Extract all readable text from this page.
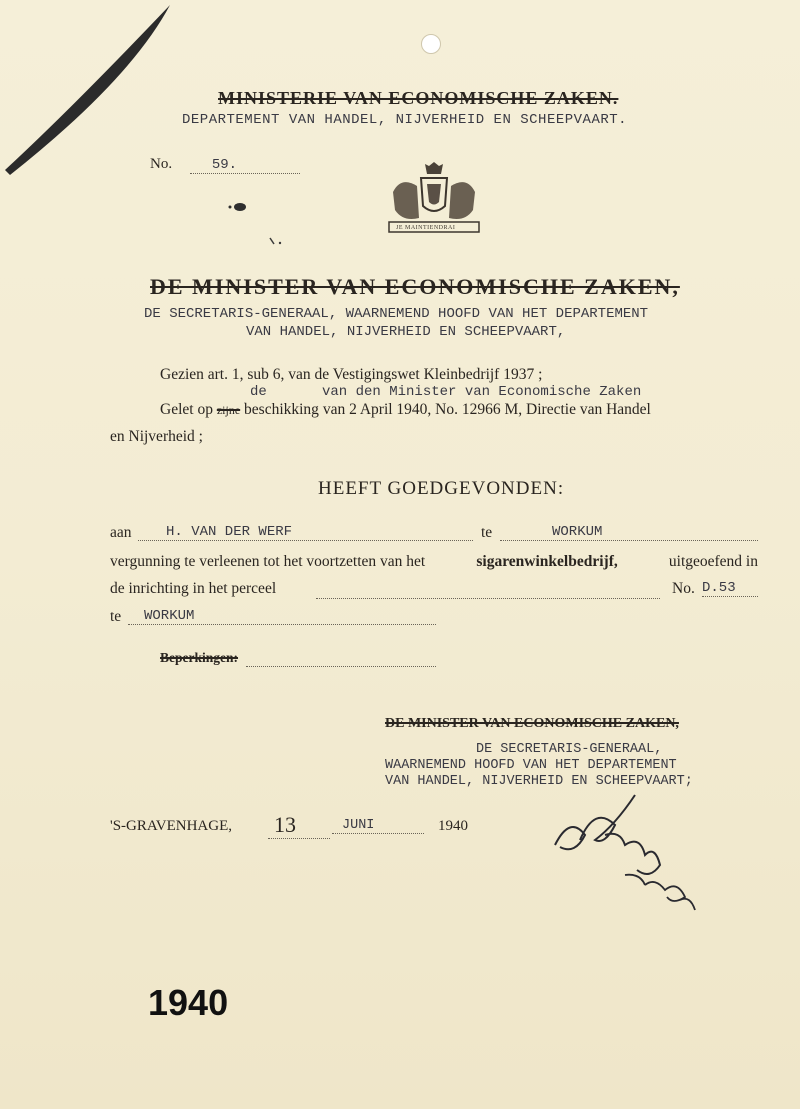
MINISTERIE VAN ECONOMISCHE ZAKEN.
DEPARTEMENT VAN HANDEL, NIJVERHEID EN SCHEEPVAART.
No.	59.
JE MAINTIENDRAI
DE MINISTER VAN ECONOMISCHE ZAKEN,
DE SECRETARIS-GENERAAL, WAARNEMEND HOOFD VAN HET DEPARTEMENT
VAN HANDEL, NIJVERHEID EN SCHEEPVAART,
Gezien art. 1, sub 6, van de Vestigingswet Kleinbedrijf 1937 ;
de	van den Minister van Economische Zaken
Gelet op zijne beschikking van 2 April 1940, No. 12966 M, Directie van Handel
en Nijverheid ;
HEEFT GOEDGEVONDEN:
aan	H. VAN DER WERF	te	WORKUM
vergunning te verleenen tot het voortzetten van het	sigarenwinkelbedrijf,	uitgeoefend in
de inrichting in het perceel	No. D.53
te	WORKUM
Beperkingen:
DE MINISTER VAN ECONOMISCHE ZAKEN,
DE SECRETARIS-GENERAAL,
WAARNEMEND HOOFD VAN HET DEPARTEMENT
VAN HANDEL, NIJVERHEID EN SCHEEPVAART;
'S-GRAVENHAGE, 13	JUNI	1940
1940
